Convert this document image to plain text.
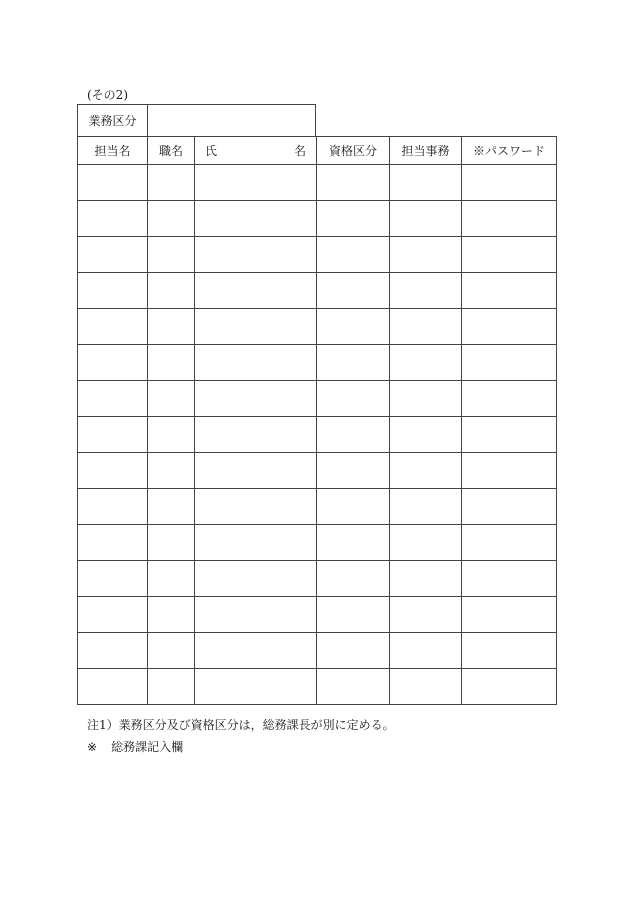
(その2)
業務区分
担当名	職名	氏 名	資格区分	担当事務	※パスワード

注1）業務区分及び資格区分は，総務課長が別に定める。
※ 総務課記入欄
